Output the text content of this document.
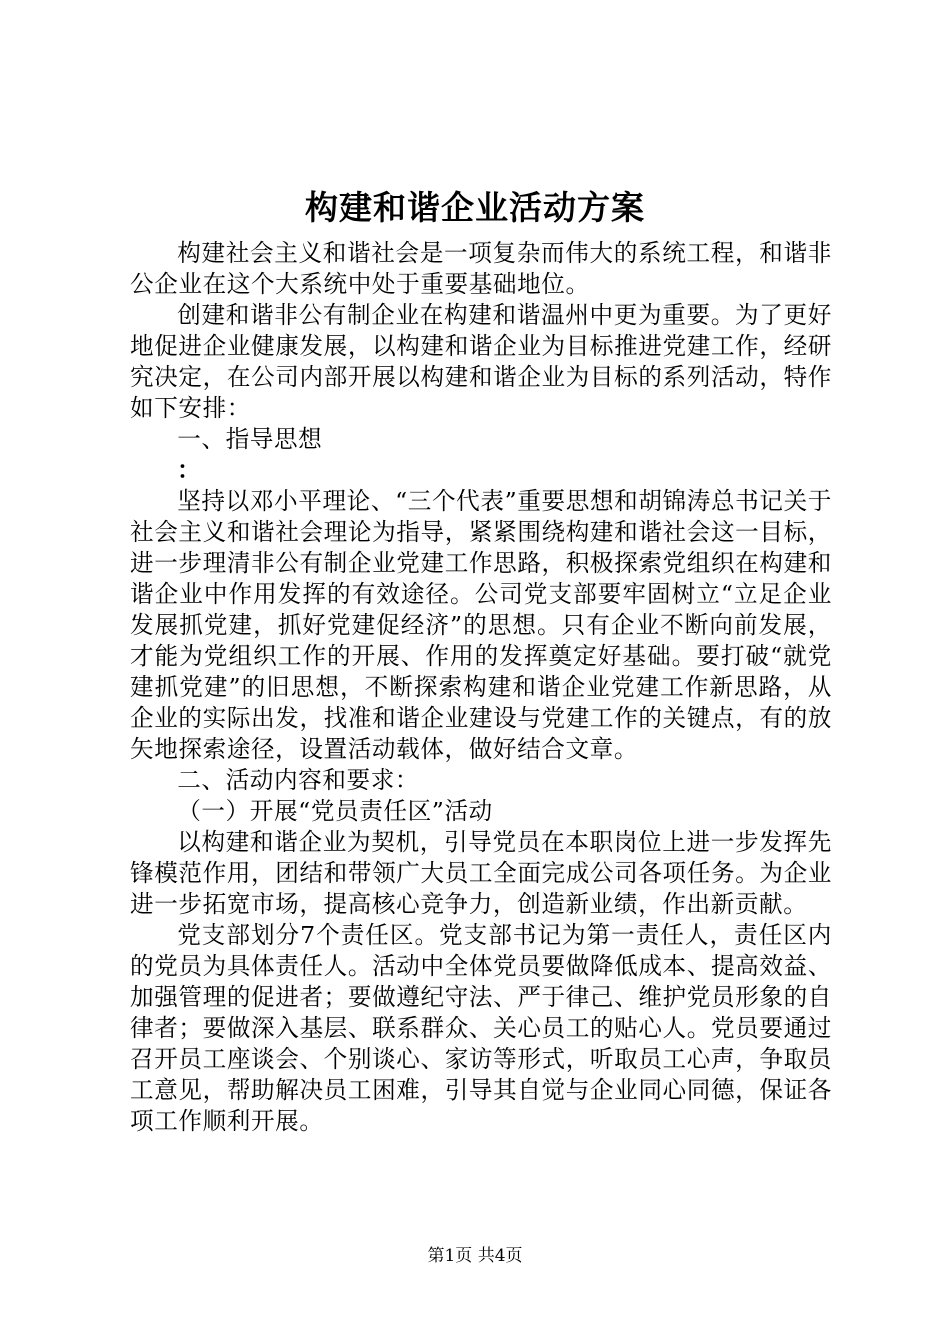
构建和谐企业活动方案

构建社会主义和谐社会是一项复杂而伟大的系统工程，和谐非公企业在这个大系统中处于重要基础地位。

创建和谐非公有制企业在构建和谐温州中更为重要。为了更好地促进企业健康发展，以构建和谐企业为目标推进党建工作，经研究决定，在公司内部开展以构建和谐企业为目标的系列活动，特作如下安排：

一、指导思想

：

坚持以邓小平理论、“三个代表”重要思想和胡锦涛总书记关于社会主义和谐社会理论为指导，紧紧围绕构建和谐社会这一目标，进一步理清非公有制企业党建工作思路，积极探索党组织在构建和谐企业中作用发挥的有效途径。公司党支部要牢固树立“立足企业发展抓党建，抓好党建促经济”的思想。只有企业不断向前发展，才能为党组织工作的开展、作用的发挥奠定好基础。要打破“就党建抓党建”的旧思想，不断探索构建和谐企业党建工作新思路，从企业的实际出发，找准和谐企业建设与党建工作的关键点，有的放矢地探索途径，设置活动载体，做好结合文章。

二、活动内容和要求：

（一）开展“党员责任区”活动

以构建和谐企业为契机，引导党员在本职岗位上进一步发挥先锋模范作用，团结和带领广大员工全面完成公司各项任务。为企业进一步拓宽市场，提高核心竞争力，创造新业绩，作出新贡献。

党支部划分7个责任区。党支部书记为第一责任人，责任区内的党员为具体责任人。活动中全体党员要做降低成本、提高效益、加强管理的促进者；要做遵纪守法、严于律己、维护党员形象的自律者；要做深入基层、联系群众、关心员工的贴心人。党员要通过召开员工座谈会、个别谈心、家访等形式，听取员工心声，争取员工意见，帮助解决员工困难，引导其自觉与企业同心同德，保证各项工作顺利开展。

第1页 共4页
